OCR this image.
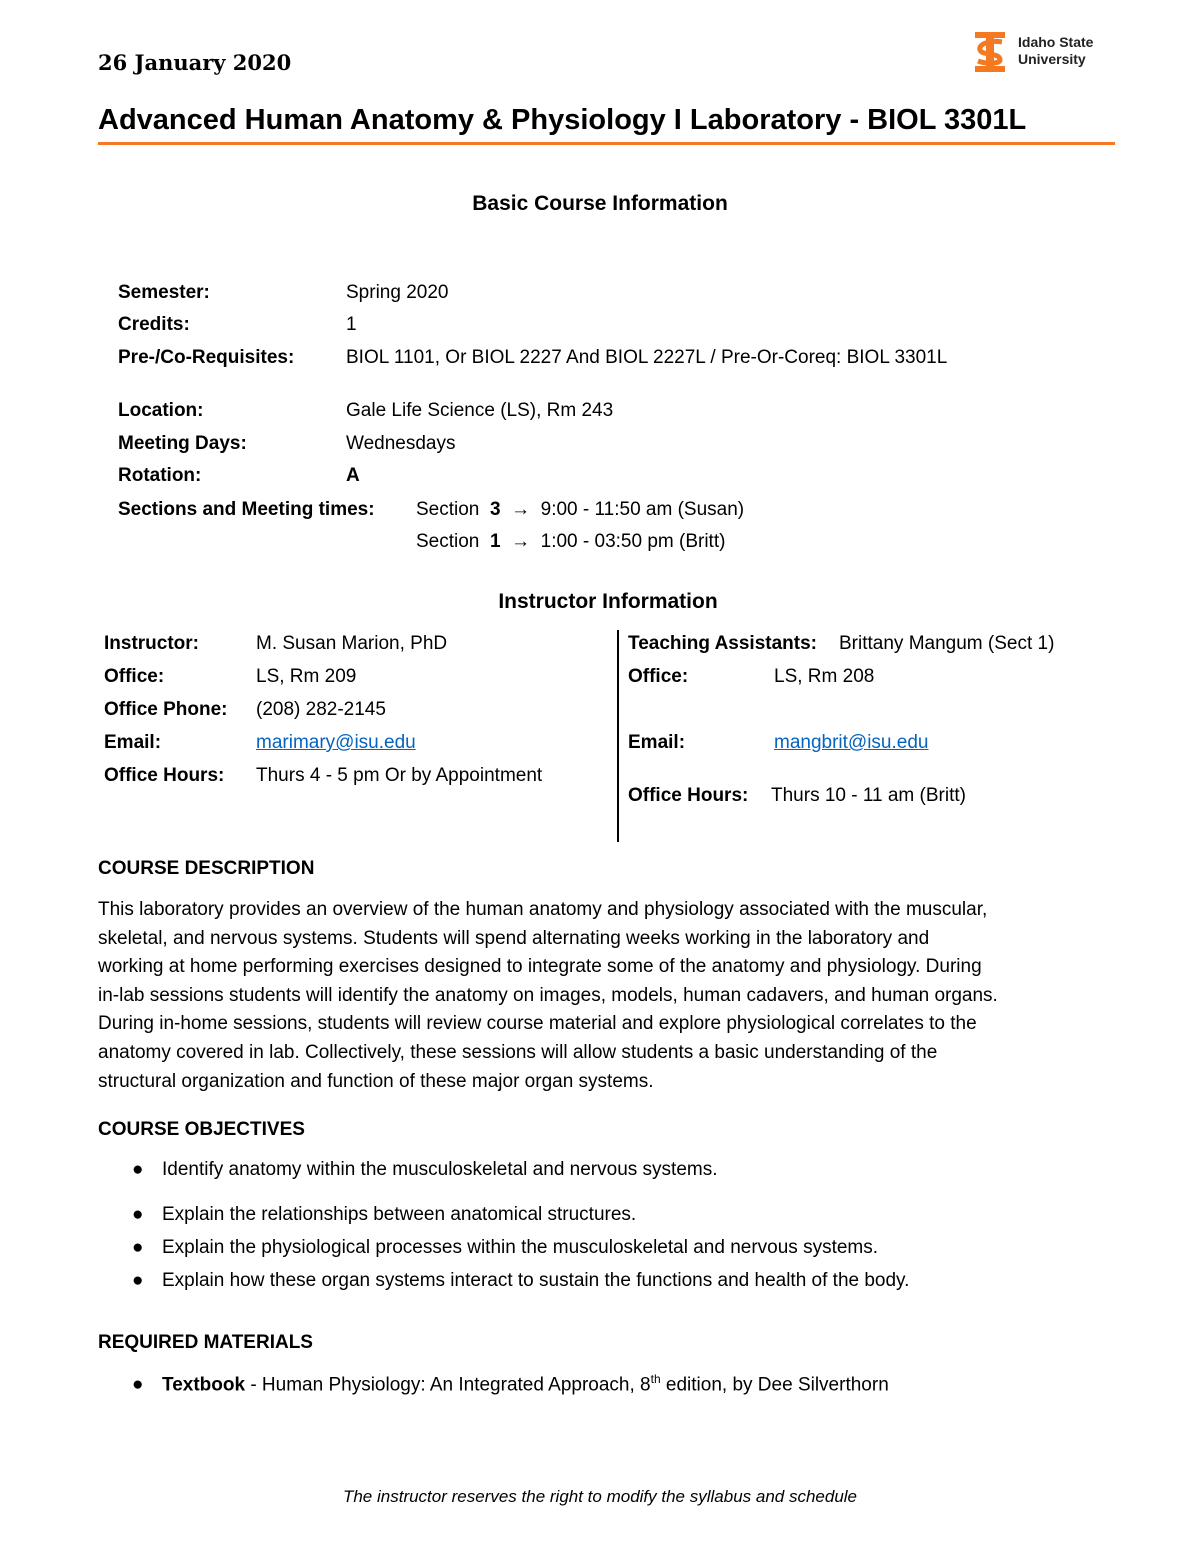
26 January 2020
Idaho State
University
Advanced Human Anatomy & Physiology I Laboratory - BIOL 3301L
Basic Course Information
Semester:	Spring 2020
Credits:	1
Pre-/Co-Requisites:	BIOL 1101, Or BIOL 2227 And BIOL 2227L / Pre-Or-Coreq: BIOL 3301L
Location:	Gale Life Science (LS), Rm 243
Meeting Days:	Wednesdays
Rotation:	A
Sections and Meeting times: Section 3 → 9:00 - 11:50 am (Susan)
Section 1 → 1:00 - 03:50 pm (Britt)
Instructor Information
Instructor:	M. Susan Marion, PhD
Office:	LS, Rm 209
Office Phone: (208) 282-2145
Email:	marimary@isu.edu
Office Hours: Thurs 4 - 5 pm Or by Appointment
Teaching Assistants: Brittany Mangum (Sect 1)
Office:	LS, Rm 208
Email:	mangbrit@isu.edu
Office Hours: Thurs 10 - 11 am (Britt)
COURSE DESCRIPTION
This laboratory provides an overview of the human anatomy and physiology associated with the muscular,
skeletal, and nervous systems. Students will spend alternating weeks working in the laboratory and
working at home performing exercises designed to integrate some of the anatomy and physiology. During
in-lab sessions students will identify the anatomy on images, models, human cadavers, and human organs.
During in-home sessions, students will review course material and explore physiological correlates to the
anatomy covered in lab. Collectively, these sessions will allow students a basic understanding of the
structural organization and function of these major organ systems.
COURSE OBJECTIVES
● Identify anatomy within the musculoskeletal and nervous systems.
● Explain the relationships between anatomical structures.
● Explain the physiological processes within the musculoskeletal and nervous systems.
● Explain how these organ systems interact to sustain the functions and health of the body.
REQUIRED MATERIALS
● Textbook - Human Physiology: An Integrated Approach, 8th edition, by Dee Silverthorn
The instructor reserves the right to modify the syllabus and schedule
